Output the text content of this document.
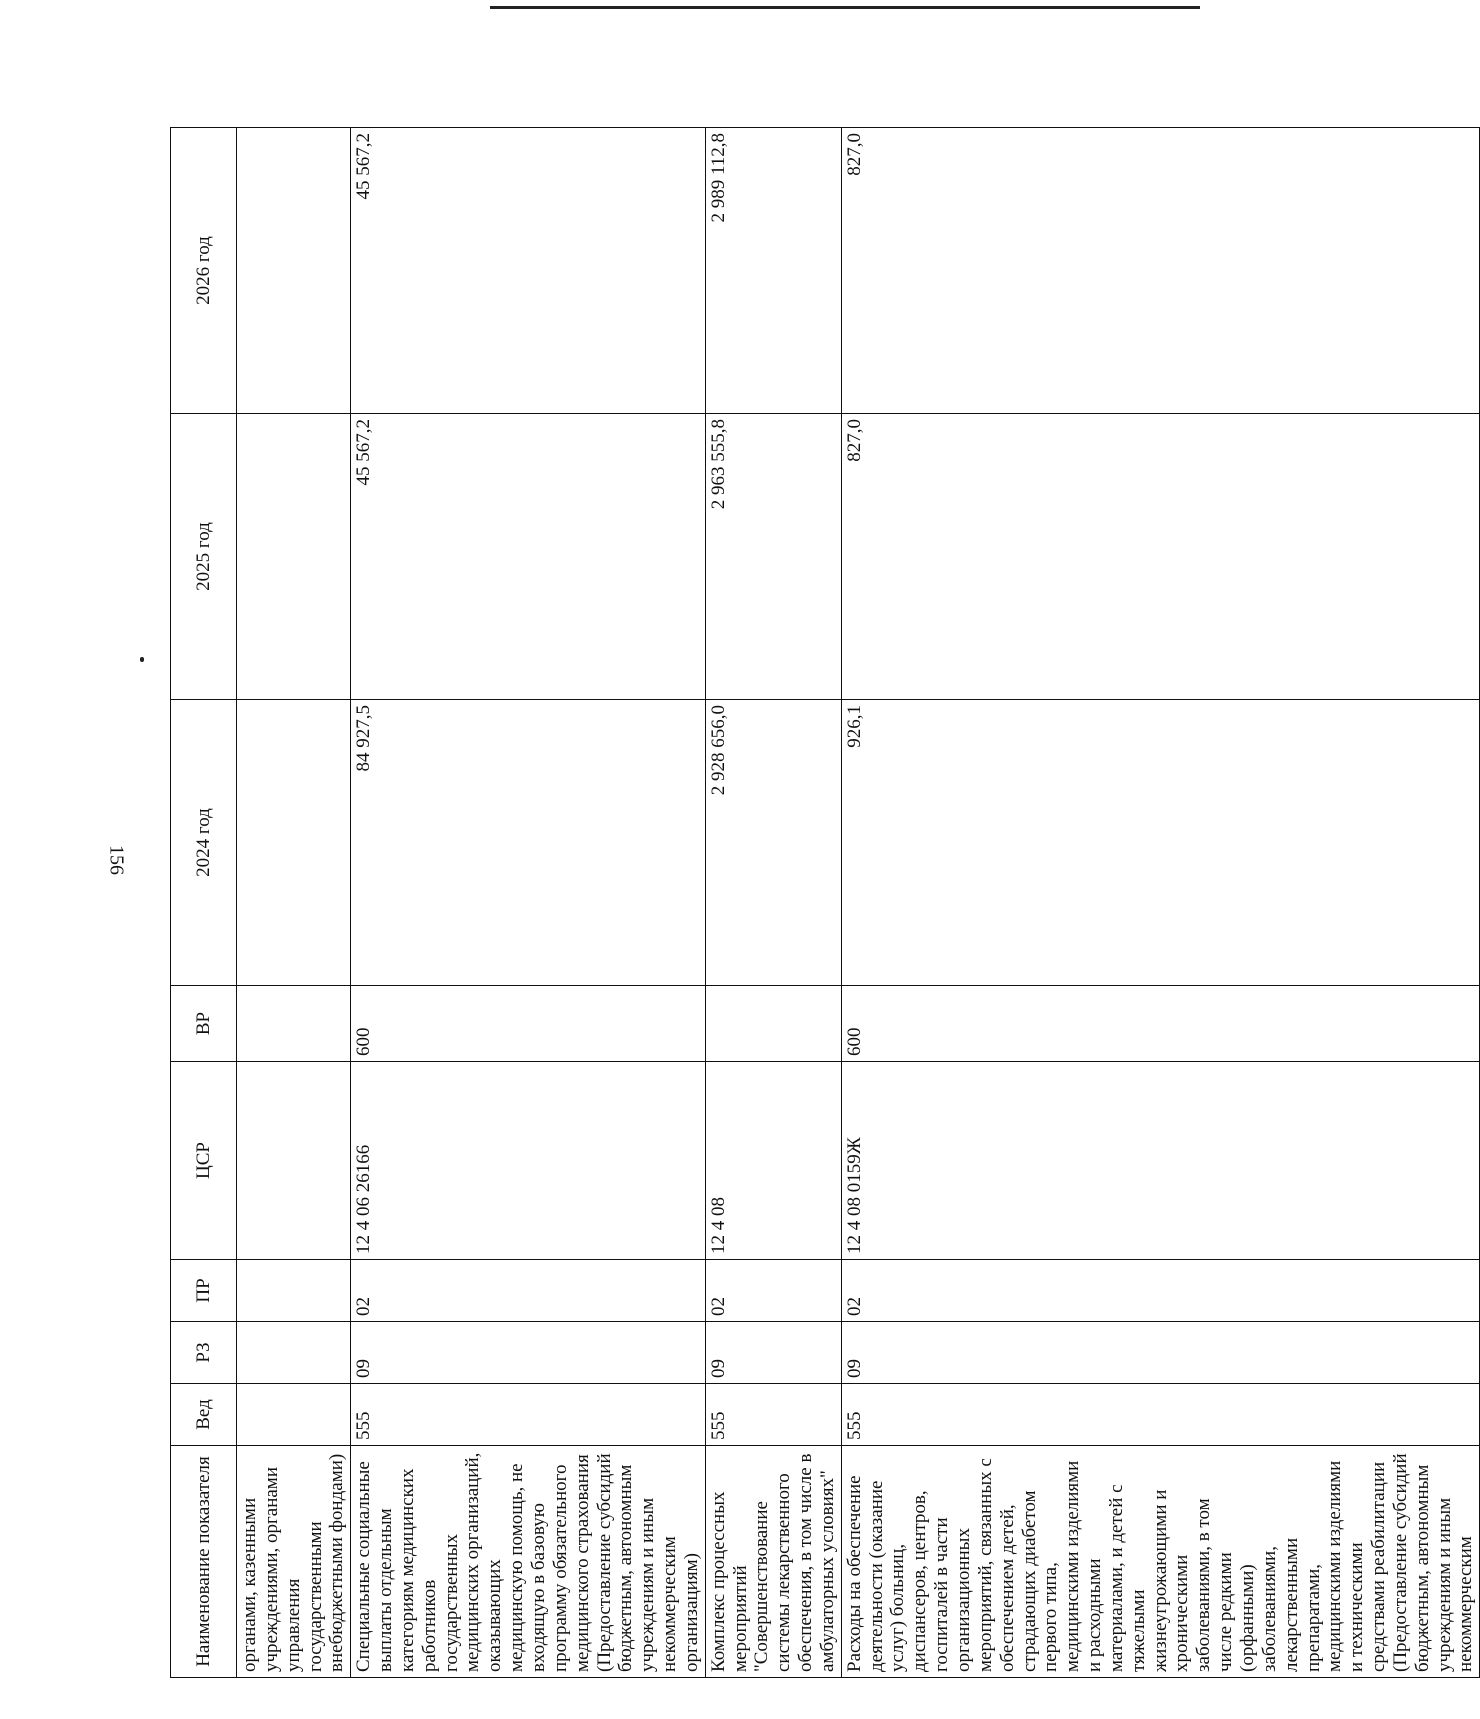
156
Наименование показателя	Вед	РЗ	ПР	ЦСР	ВР	2024 год	2025 год	2026 год
органами, казенными учреждениями, органами управления государственными внебюджетными фондами)								
Специальные социальные выплаты отдельным категориям медицинских работников государственных медицинских организаций, оказывающих медицинскую помощь, не входящую в базовую программу обязательного медицинского страхования (Предоставление субсидий бюджетным, автономным учреждениям и иным некоммерческим организациям)	555	09	02	12 4 06 26166	600	84 927,5	45 567,2	45 567,2
Комплекс процессных мероприятий "Совершенствование системы лекарственного обеспечения, в том числе в амбулаторных условиях"	555	09	02	12 4 08		2 928 656,0	2 963 555,8	2 989 112,8
Расходы на обеспечение деятельности (оказание услуг) больниц, диспансеров, центров, госпиталей в части организационных мероприятий, связанных с обеспечением детей, страдающих диабетом первого типа, медицинскими изделиями и расходными материалами, и детей с тяжелыми жизнеугрожающими и хроническими заболеваниями, в том числе редкими (орфанными) заболеваниями, лекарственными препаратами, медицинскими изделиями и техническими средствами реабилитации (Предоставление субсидий бюджетным, автономным учреждениям и иным некоммерческим	555	09	02	12 4 08 0159Ж	600	926,1	827,0	827,0
